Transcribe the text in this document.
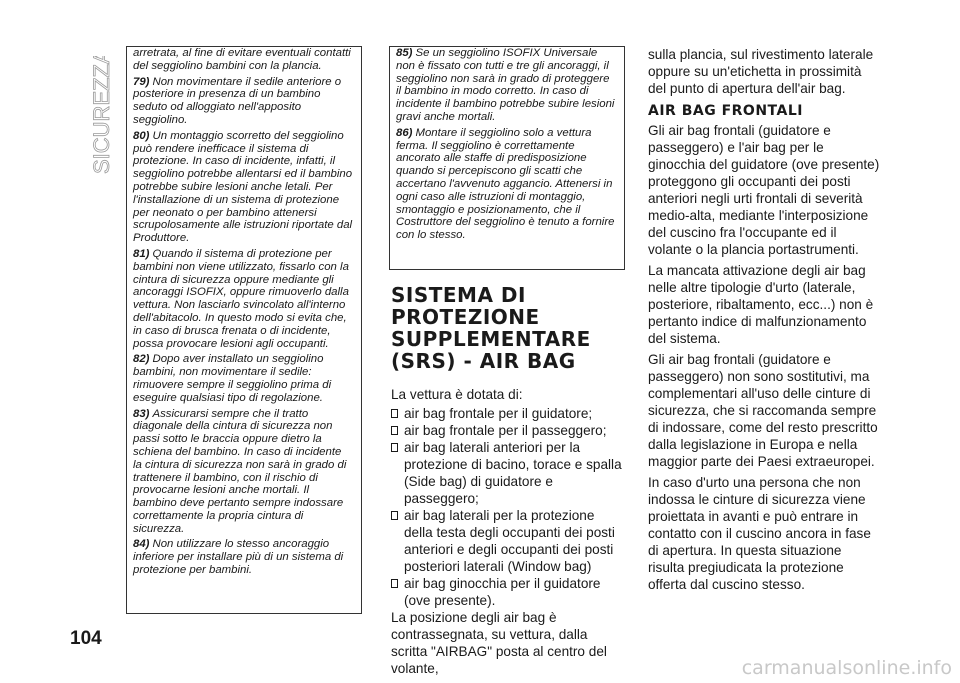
SICUREZZA arretrata, al fine di evitare eventuali contatti del seggiolino bambini con la plancia.

79) Non movimentare il sedile anteriore o posteriore in presenza di un bambino seduto od alloggiato nell'apposito seggiolino.

80) Un montaggio scorretto del seggiolino può rendere inefficace il sistema di protezione. In caso di incidente, infatti, il seggiolino potrebbe allentarsi ed il bambino potrebbe subire lesioni anche letali. Per l'installazione di un sistema di protezione per neonato o per bambino attenersi scrupolosamente alle istruzioni riportate dal Produttore.

81) Quando il sistema di protezione per bambini non viene utilizzato, fissarlo con la cintura di sicurezza oppure mediante gli ancoraggi ISOFIX, oppure rimuoverlo dalla vettura. Non lasciarlo svincolato all'interno dell'abitacolo. In questo modo si evita che, in caso di brusca frenata o di incidente, possa provocare lesioni agli occupanti.

82) Dopo aver installato un seggiolino bambini, non movimentare il sedile: rimuovere sempre il seggiolino prima di eseguire qualsiasi tipo di regolazione.

83) Assicurarsi sempre che il tratto diagonale della cintura di sicurezza non passi sotto le braccia oppure dietro la schiena del bambino. In caso di incidente la cintura di sicurezza non sarà in grado di trattenere il bambino, con il rischio di provocarne lesioni anche mortali. Il bambino deve pertanto sempre indossare correttamente la propria cintura di sicurezza.

84) Non utilizzare lo stesso ancoraggio inferiore per installare più di un sistema di protezione per bambini.

85) Se un seggiolino ISOFIX Universale non è fissato con tutti e tre gli ancoraggi, il seggiolino non sarà in grado di proteggere il bambino in modo corretto. In caso di incidente il bambino potrebbe subire lesioni gravi anche mortali.

86) Montare il seggiolino solo a vettura ferma. Il seggiolino è correttamente ancorato alle staffe di predisposizione quando si percepiscono gli scatti che accertano l'avvenuto aggancio. Attenersi in ogni caso alle istruzioni di montaggio, smontaggio e posizionamento, che il Costruttore del seggiolino è tenuto a fornire con lo stesso.

SISTEMA DI PROTEZIONE SUPPLEMENTARE (SRS) - AIR BAG

La vettura è dotata di:

air bag frontale per il guidatore;
air bag frontale per il passeggero;
air bag laterali anteriori per la protezione di bacino, torace e spalla (Side bag) di guidatore e passeggero;
air bag laterali per la protezione della testa degli occupanti dei posti anteriori e degli occupanti dei posti posteriori laterali (Window bag)
air bag ginocchia per il guidatore (ove presente).

La posizione degli air bag è contrassegnata, su vettura, dalla scritta "AIRBAG" posta al centro del volante,

sulla plancia, sul rivestimento laterale oppure su un'etichetta in prossimità del punto di apertura dell'air bag.

AIR BAG FRONTALI

Gli air bag frontali (guidatore e passeggero) e l'air bag per le ginocchia del guidatore (ove presente) proteggono gli occupanti dei posti anteriori negli urti frontali di severità medio-alta, mediante l'interposizione del cuscino fra l'occupante ed il volante o la plancia portastrumenti.

La mancata attivazione degli air bag nelle altre tipologie d'urto (laterale, posteriore, ribaltamento, ecc...) non è pertanto indice di malfunzionamento del sistema.

Gli air bag frontali (guidatore e passeggero) non sono sostitutivi, ma complementari all'uso delle cinture di sicurezza, che si raccomanda sempre di indossare, come del resto prescritto dalla legislazione in Europa e nella maggior parte dei Paesi extraeuropei.

In caso d'urto una persona che non indossa le cinture di sicurezza viene proiettata in avanti e può entrare in contatto con il cuscino ancora in fase di apertura. In questa situazione risulta pregiudicata la protezione offerta dal cuscino stesso.

104
carmanualsonline.info
